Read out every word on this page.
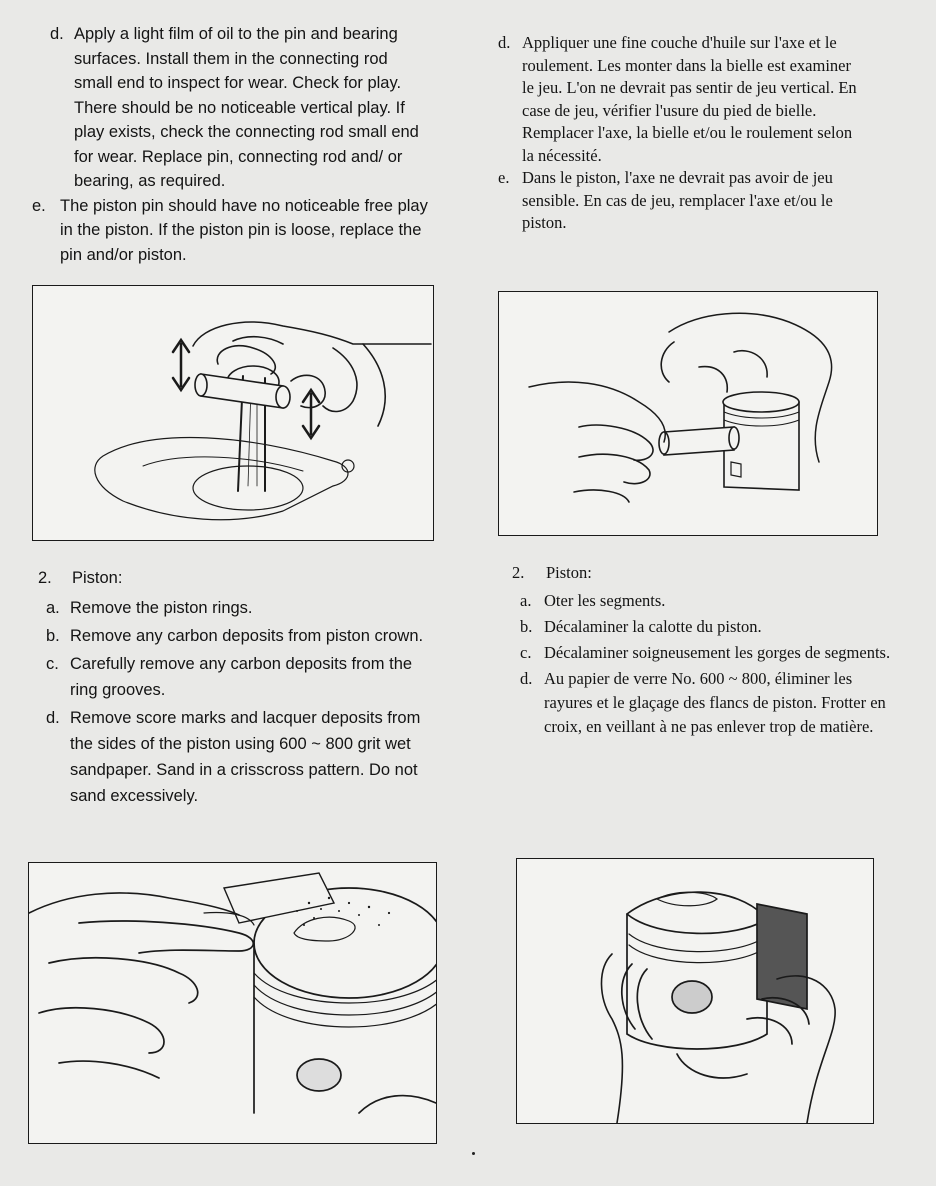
d. Apply a light film of oil to the pin and bearing surfaces. Install them in the connecting rod small end to inspect for wear. Check for play. There should be no noticeable vertical play. If play exists, check the connecting rod small end for wear. Replace pin, connecting rod and/ or bearing, as required.
e. The piston pin should have no noticeable free play in the piston. If the piston pin is loose, replace the pin and/or piston.
d. Appliquer une fine couche d'huile sur l'axe et le roulement. Les monter dans la bielle est examiner le jeu. L'on ne devrait pas sentir de jeu vertical. En case de jeu, vérifier l'usure du pied de bielle. Remplacer l'axe, la bielle et/ou le roulement selon la nécessité.
e. Dans le piston, l'axe ne devrait pas avoir de jeu sensible. En cas de jeu, remplacer l'axe et/ou le piston.
2. Piston:
a. Remove the piston rings.
b. Remove any carbon deposits from piston crown.
c. Carefully remove any carbon deposits from the ring grooves.
d. Remove score marks and lacquer deposits from the sides of the piston using 600 ~ 800 grit wet sandpaper. Sand in a crisscross pattern. Do not sand excessively.
2. Piston:
a. Oter les segments.
b. Décalaminer la calotte du piston.
c. Décalaminer soigneusement les gorges de segments.
d. Au papier de verre No. 600 ~ 800, éliminer les rayures et le glaçage des flancs de piston. Frotter en croix, en veillant à ne pas enlever trop de matière.
